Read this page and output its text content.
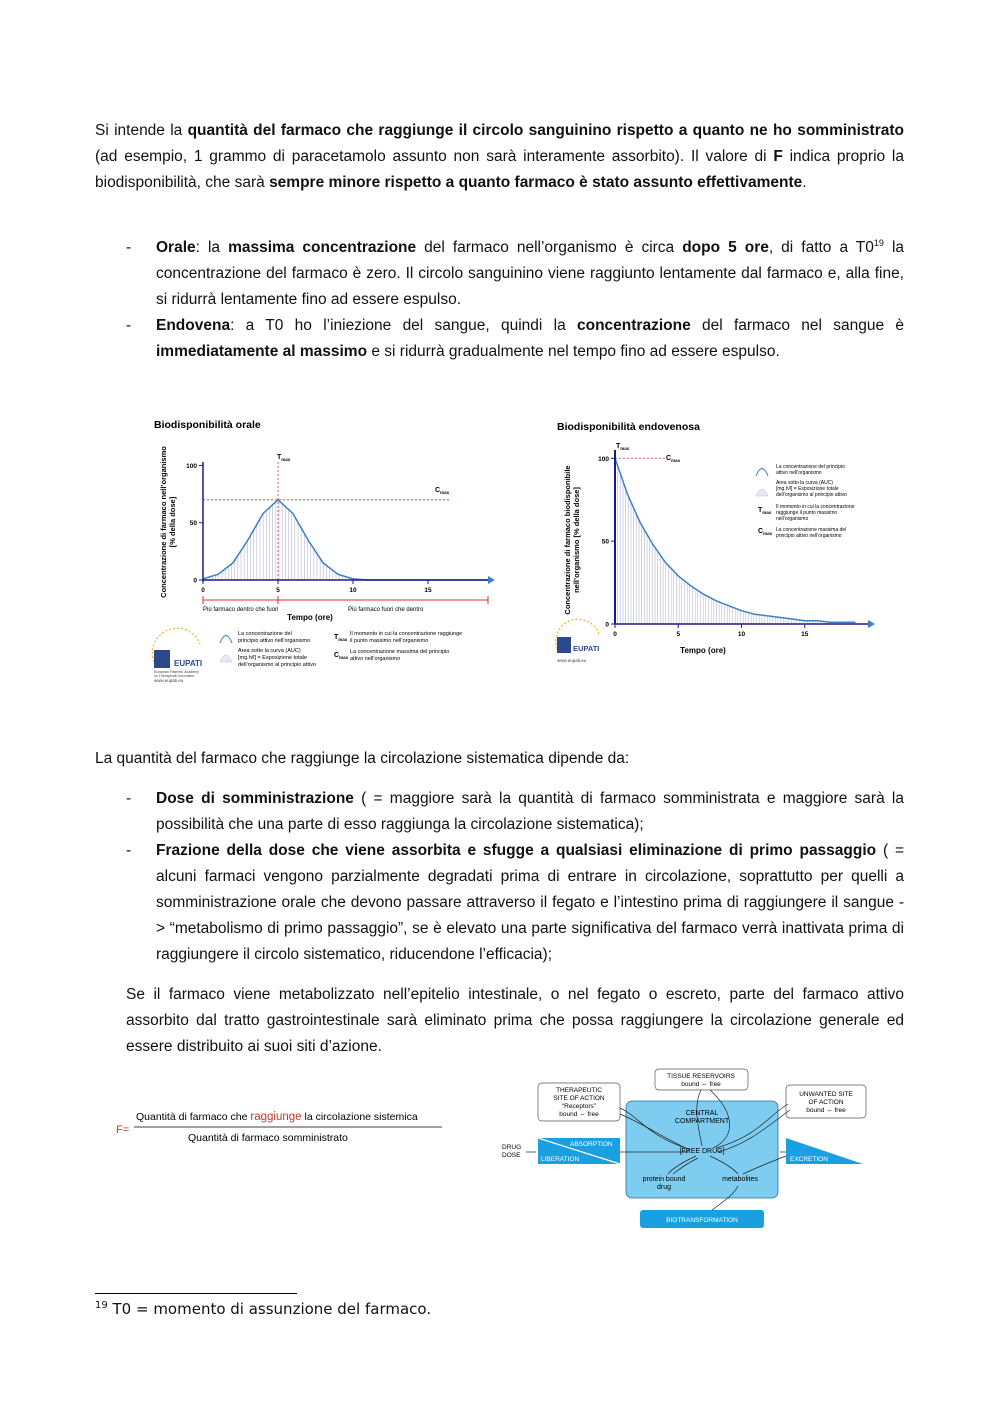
Si intende la quantità del farmaco che raggiunge il circolo sanguinino rispetto a quanto ne ho somministrato (ad esempio, 1 grammo di paracetamolo assunto non sarà interamente assorbito). Il valore di F indica proprio la biodisponibilità, che sarà sempre minore rispetto a quanto farmaco è stato assunto effettivamente.
- Orale: la massima concentrazione del farmaco nell’organismo è circa dopo 5 ore, di fatto a $T0^{19}$ la concentrazione del farmaco è zero. Il circolo sanguinino viene raggiunto lentamente dal farmaco e, alla fine, si ridurrà lentamente fino ad essere espulso.
- Endovena: a T0 ho l’iniezione del sangue, quindi la concentrazione del farmaco nel sangue è immediatamente al massimo e si ridurrà gradualmente nel tempo fino ad essere espulso.
Biodisponibilità orale
$T_{max}$
$C_{max}$
100
50
0
0	5	10	15
Più farmaco dentro che fuori	Più farmaco fuori che dentro
Tempo (ore)
Concentrazione di farmaco nell’organismo [% della dose]
La concentrazione del principio attivo nell’organismo
Area sotto la curva (AUC) [mg.h/l] = Esposizione totale dell’organismo al principio attivo
$T_{max}$
Il momento in cui la concentrazione raggiunge il punto massimo nell’organismo
$C_{max}$
La concentrazione massima del principio attivo nell’organismo
EUPATI
European Patients’ Academy on Therapeutic Innovation
www.eupati.eu
Biodisponibilità endovenosa
$T_{max}$
$C_{max}$
100
50
0
0	5	10	15
Tempo (ore)
Concentrazione di farmaco biodisponibile nell’organismo [% della dose]
La concentrazione del principio attivo nell’organismo
Area sotto la curva (AUC) [mg.h/l] = Esposizione totale dell’organismo al principio attivo
$T_{max}$
Il momento in cui la concentrazione raggiunge il punto massimo nell’organismo
$C_{max}$
La concentrazione massima del principio attivo nell’organismo
EUPATI
www.eupati.eu
La quantità del farmaco che raggiunge la circolazione sistematica dipende da:
- Dose di somministrazione ( = maggiore sarà la quantità di farmaco somministrata e maggiore sarà la possibilità che una parte di esso raggiunga la circolazione sistematica);
- Frazione della dose che viene assorbita e sfugge a qualsiasi eliminazione di primo passaggio ( = alcuni farmaci vengono parzialmente degradati prima di entrare in circolazione, soprattutto per quelli a somministrazione orale che devono passare attraverso il fegato e l’intestino prima di raggiungere il sangue -> “metabolismo di primo passaggio”, se è elevato una parte significativa del farmaco verrà inattivata prima di raggiungere il circolo sistematico, riducendone l’efficacia);
Se il farmaco viene metabolizzato nell’epitelio intestinale, o nel fegato o escreto, parte del farmaco attivo assorbito dal tratto gastrointestinale sarà eliminato prima che possa raggiungere la circolazione generale ed essere distribuito ai suoi siti d’azione.
F=
Quantità di farmaco che raggiunge la circolazione sistemica
Quantità di farmaco somministrato
CENTRAL COMPARTMENT
[FREE DRUG]
protein bound drug
metabolites
TISSUE RESERVOIRS bound ⇔ free
THERAPEUTIC SITE OF ACTION “Receptors” bound ⇔ free
UNWANTED SITE OF ACTION bound ⇔ free
DRUG DOSE
ABSORPTION
LIBERATION	EXCRETION
BIOTRANSFORMATION
$^{19}$ T0 = momento di assunzione del farmaco.
